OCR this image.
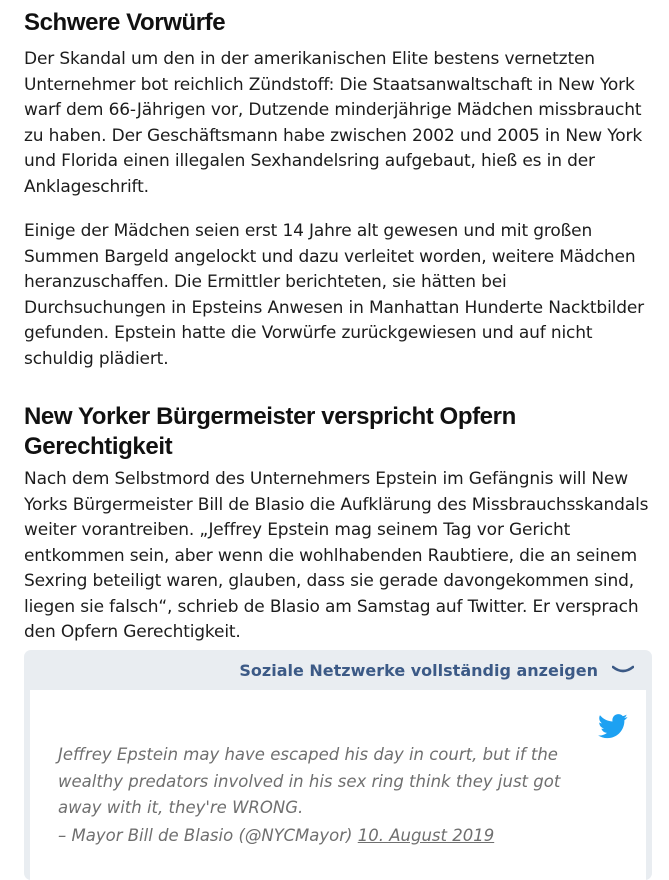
Schwere Vorwürfe

Der Skandal um den in der amerikanischen Elite bestens vernetzten Unternehmer bot reichlich Zündstoff: Die Staatsanwaltschaft in New York warf dem 66-Jährigen vor, Dutzende minderjährige Mädchen missbraucht zu haben. Der Geschäftsmann habe zwischen 2002 und 2005 in New York und Florida einen illegalen Sexhandelsring aufgebaut, hieß es in der Anklageschrift.

Einige der Mädchen seien erst 14 Jahre alt gewesen und mit großen Summen Bargeld angelockt und dazu verleitet worden, weitere Mädchen heranzuschaffen. Die Ermittler berichteten, sie hätten bei Durchsuchungen in Epsteins Anwesen in Manhattan Hunderte Nacktbilder gefunden. Epstein hatte die Vorwürfe zurückgewiesen und auf nicht schuldig plädiert.

New Yorker Bürgermeister verspricht Opfern Gerechtigkeit

Nach dem Selbstmord des Unternehmers Epstein im Gefängnis will New Yorks Bürgermeister Bill de Blasio die Aufklärung des Missbrauchsskandals weiter vorantreiben. „Jeffrey Epstein mag seinem Tag vor Gericht entkommen sein, aber wenn die wohlhabenden Raubtiere, die an seinem Sexring beteiligt waren, glauben, dass sie gerade davongekommen sind, liegen sie falsch“, schrieb de Blasio am Samstag auf Twitter. Er versprach den Opfern Gerechtigkeit.

Soziale Netzwerke vollständig anzeigen
Jeffrey Epstein may have escaped his day in court, but if the wealthy predators involved in his sex ring think they just got away with it, they're WRONG.
– Mayor Bill de Blasio (@NYCMayor) 10. August 2019
